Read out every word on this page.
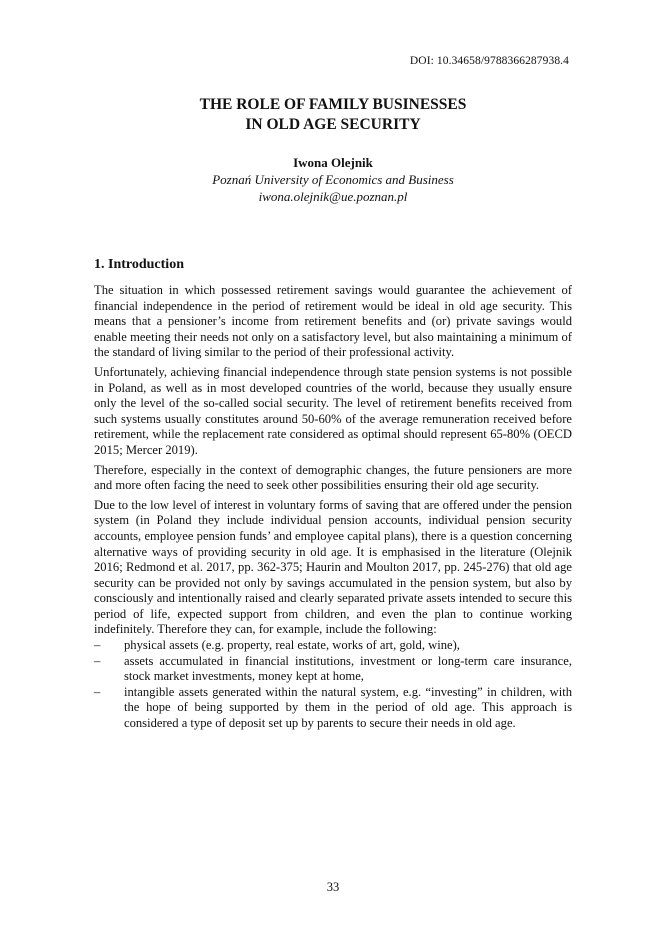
DOI: 10.34658/9788366287938.4
THE ROLE OF FAMILY BUSINESSES
IN OLD AGE SECURITY
Iwona Olejnik
Poznań University of Economics and Business
iwona.olejnik@ue.poznan.pl
1. Introduction

The situation in which possessed retirement savings would guarantee the achievement of financial independence in the period of retirement would be ideal in old age security. This means that a pensioner’s income from retirement benefits and (or) private savings would enable meeting their needs not only on a satisfactory level, but also maintaining a minimum of the standard of living similar to the period of their professional activity.

Unfortunately, achieving financial independence through state pension systems is not possible in Poland, as well as in most developed countries of the world, because they usually ensure only the level of the so-called social security. The level of retirement benefits received from such systems usually constitutes around 50-60% of the average remuneration received before retirement, while the replacement rate considered as optimal should represent 65-80% (OECD 2015; Mercer 2019).

Therefore, especially in the context of demographic changes, the future pensioners are more and more often facing the need to seek other possibilities ensuring their old age security.

Due to the low level of interest in voluntary forms of saving that are offered under the pension system (in Poland they include individual pension accounts, individual pension security accounts, employee pension funds’ and employee capital plans), there is a question concerning alternative ways of providing security in old age. It is emphasised in the literature (Olejnik 2016; Redmond et al. 2017, pp. 362-375; Haurin and Moulton 2017, pp. 245-276) that old age security can be provided not only by savings accumulated in the pension system, but also by consciously and intentionally raised and clearly separated private assets intended to secure this period of life, expected support from children, and even the plan to continue working indefinitely. Therefore they can, for example, include the following:

– physical assets (e.g. property, real estate, works of art, gold, wine),
– assets accumulated in financial institutions, investment or long-term care insurance, stock market investments, money kept at home,
– intangible assets generated within the natural system, e.g. “investing” in children, with the hope of being supported by them in the period of old age. This approach is considered a type of deposit set up by parents to secure their needs in old age.
33
